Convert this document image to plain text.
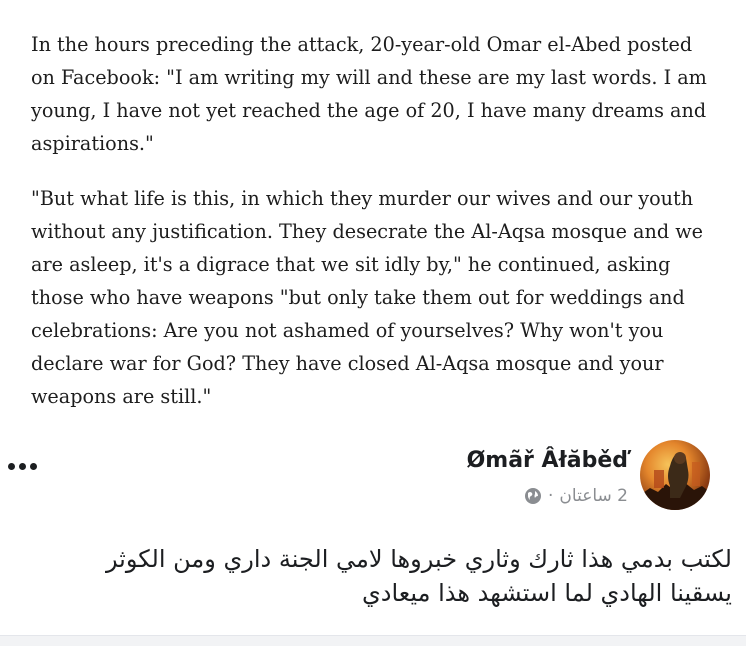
In the hours preceding the attack, 20-year-old Omar el-Abed posted on Facebook: "I am writing my will and these are my last words. I am young, I have not yet reached the age of 20, I have many dreams and aspirations."

"But what life is this, in which they murder our wives and our youth without any justification. They desecrate the Al-Aqsa mosque and we are asleep, it's a digrace that we sit idly by," he continued, asking those who have weapons "but only take them out for weddings and celebrations: Are you not ashamed of yourselves? Why won't you declare war for God? They have closed Al-Aqsa mosque and your weapons are still."

Ømãř Âłăběď
2 ساعتان
·

لكتب بدمي هذا ثارك وثاري خبروها لامي الجنة داري ومن الكوثر

يسقينا الهادي لما استشهد هذا ميعادي
